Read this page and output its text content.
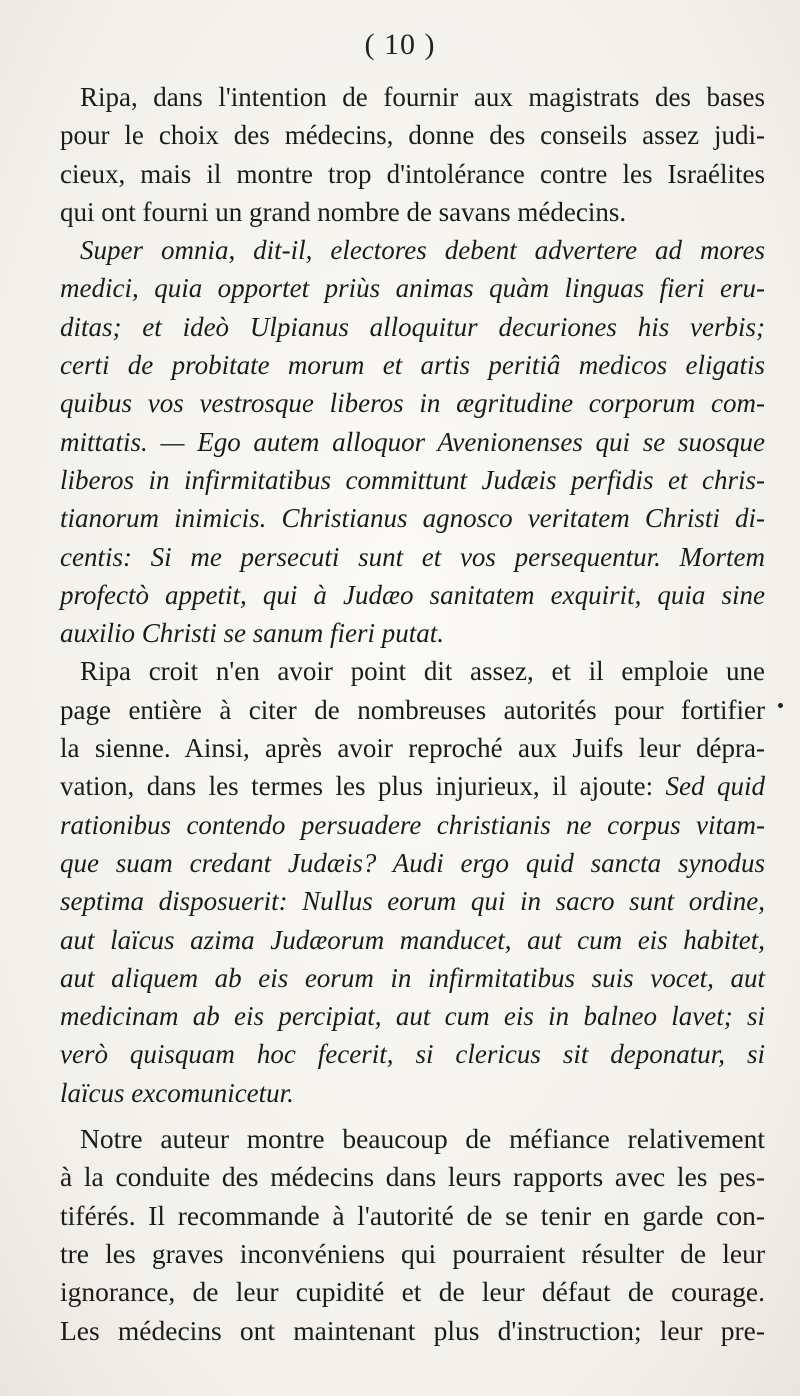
( 10 )

Ripa, dans l'intention de fournir aux magistrats des bases
pour le choix des médecins, donne des conseils assez judi-
cieux, mais il montre trop d'intolérance contre les Israélites
qui ont fourni un grand nombre de savans médecins.

Super omnia, dit-il, electores debent advertere ad mores
medici, quia opportet priùs animas quàm linguas fieri eru-
ditas; et ideò Ulpianus alloquitur decuriones his verbis;
certi de probitate morum et artis peritiâ medicos eligatis
quibus vos vestrosque liberos in ægritudine corporum com-
mittatis. — Ego autem alloquor Avenionenses qui se suosque
liberos in infirmitatibus committunt Judæis perfidis et chris-
tianorum inimicis. Christianus agnosco veritatem Christi di-
centis: Si me persecuti sunt et vos persequentur. Mortem
profectò appetit, qui à Judæo sanitatem exquirit, quia sine
auxilio Christi se sanum fieri putat.

Ripa croit n'en avoir point dit assez, et il emploie une
page entière à citer de nombreuses autorités pour fortifier
la sienne. Ainsi, après avoir reproché aux Juifs leur dépra-
vation, dans les termes les plus injurieux, il ajoute: Sed quid
rationibus contendo persuadere christianis ne corpus vitam-
que suam credant Judæis? Audi ergo quid sancta synodus
septima disposuerit: Nullus eorum qui in sacro sunt ordine,
aut laïcus azima Judæorum manducet, aut cum eis habitet,
aut aliquem ab eis eorum in infirmitatibus suis vocet, aut
medicinam ab eis percipiat, aut cum eis in balneo lavet; si
verò quisquam hoc fecerit, si clericus sit deponatur, si
laïcus excomunicetur.

Notre auteur montre beaucoup de méfiance relativement
à la conduite des médecins dans leurs rapports avec les pes-
tiférés. Il recommande à l'autorité de se tenir en garde con-
tre les graves inconvéniens qui pourraient résulter de leur
ignorance, de leur cupidité et de leur défaut de courage.
Les médecins ont maintenant plus d'instruction; leur pre-
